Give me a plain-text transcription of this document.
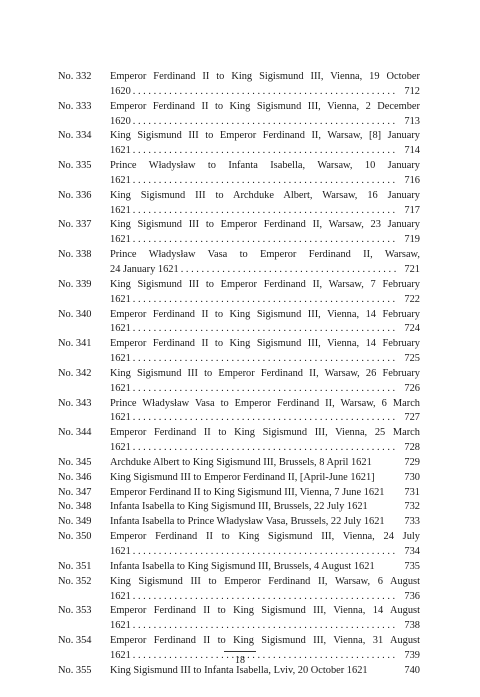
No. 332	Emperor Ferdinand II to King Sigismund III, Vienna, 19 October
1620 . . .	712
No. 333	Emperor Ferdinand II to King Sigismund III, Vienna, 2 December
1620 . . .	713
No. 334	King Sigismund III to Emperor Ferdinand II, Warsaw, [8] January
1621 . . .	714
No. 335	Prince Władysław to Infanta Isabella, Warsaw, 10 January
1621 . . .	716
No. 336	King Sigismund III to Archduke Albert, Warsaw, 16 January
1621 . . .	717
No. 337	King Sigismund III to Emperor Ferdinand II, Warsaw, 23 January
1621 . . .	719
No. 338	Prince Władysław Vasa to Emperor Ferdinand II, Warsaw,
24 January 1621 . . .	721
No. 339	King Sigismund III to Emperor Ferdinand II, Warsaw, 7 February
1621 . . .	722
No. 340	Emperor Ferdinand II to King Sigismund III, Vienna, 14 February
1621 . . .	724
No. 341	Emperor Ferdinand II to King Sigismund III, Vienna, 14 February
1621 . . .	725
No. 342	King Sigismund III to Emperor Ferdinand II, Warsaw, 26 February
1621 . . .	726
No. 343	Prince Władysław Vasa to Emperor Ferdinand II, Warsaw, 6 March
1621 . . .	727
No. 344	Emperor Ferdinand II to King Sigismund III, Vienna, 25 March
1621 . . .	728
No. 345	Archduke Albert to King Sigismund III, Brussels, 8 April 1621	729
No. 346	King Sigismund III to Emperor Ferdinand II, [April-June 1621]	730
No. 347	Emperor Ferdinand II to King Sigismund III, Vienna, 7 June 1621	731
No. 348	Infanta Isabella to King Sigismund III, Brussels, 22 July 1621	732
No. 349	Infanta Isabella to Prince Władysław Vasa, Brussels, 22 July 1621	733
No. 350	Emperor Ferdinand II to King Sigismund III, Vienna, 24 July
1621 . . .	734
No. 351	Infanta Isabella to King Sigismund III, Brussels, 4 August 1621	735
No. 352	King Sigismund III to Emperor Ferdinand II, Warsaw, 6 August
1621 . . .	736
No. 353	Emperor Ferdinand II to King Sigismund III, Vienna, 14 August
1621 . . .	738
No. 354	Emperor Ferdinand II to King Sigismund III, Vienna, 31 August
1621 . . .	739
No. 355	King Sigismund III to Infanta Isabella, Lviv, 20 October 1621	740
18
